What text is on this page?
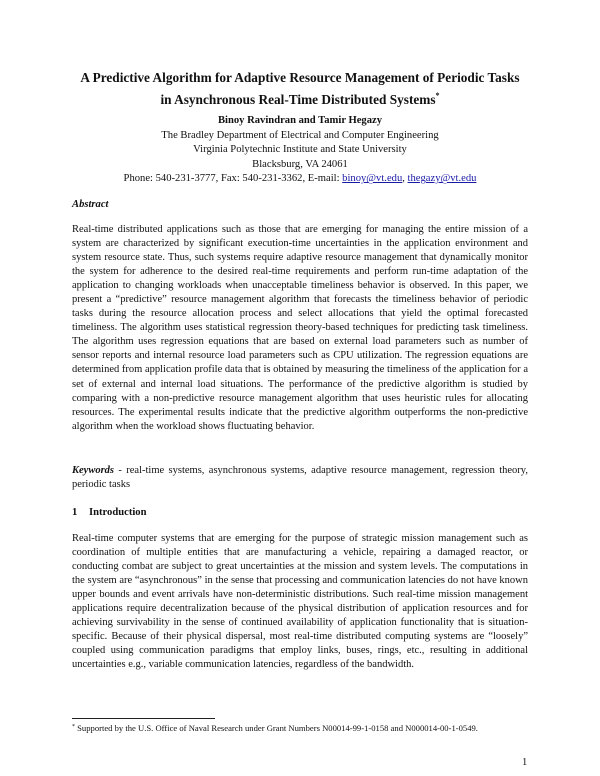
A Predictive Algorithm for Adaptive Resource Management of Periodic Tasks
in Asynchronous Real-Time Distributed Systems*
Binoy Ravindran and Tamir Hegazy
The Bradley Department of Electrical and Computer Engineering
Virginia Polytechnic Institute and State University
Blacksburg, VA 24061
Phone: 540-231-3777, Fax: 540-231-3362, E-mail: binoy@vt.edu, thegazy@vt.edu
Abstract

Real-time distributed applications such as those that are emerging for managing the entire mission of a system are characterized by significant execution-time uncertainties in the application environment and system resource state. Thus, such systems require adaptive resource management that dynamically monitor the system for adherence to the desired real-time requirements and perform run-time adaptation of the application to changing workloads when unacceptable timeliness behavior is observed. In this paper, we present a “predictive” resource management algorithm that forecasts the timeliness behavior of periodic tasks during the resource allocation process and select allocations that yield the optimal forecasted timeliness. The algorithm uses statistical regression theory-based techniques for predicting task timeliness. The algorithm uses regression equations that are based on external load parameters such as number of sensor reports and internal resource load parameters such as CPU utilization. The regression equations are determined from application profile data that is obtained by measuring the timeliness of the application for a set of external and internal load situations. The performance of the predictive algorithm is studied by comparing with a non-predictive resource management algorithm that uses heuristic rules for allocating resources. The experimental results indicate that the predictive algorithm outperforms the non-predictive algorithm when the workload shows fluctuating behavior.

Keywords - real-time systems, asynchronous systems, adaptive resource management, regression theory, periodic tasks

1 Introduction

Real-time computer systems that are emerging for the purpose of strategic mission management such as coordination of multiple entities that are manufacturing a vehicle, repairing a damaged reactor, or conducting combat are subject to great uncertainties at the mission and system levels. The computations in the system are “asynchronous” in the sense that processing and communication latencies do not have known upper bounds and event arrivals have non-deterministic distributions. Such real-time mission management applications require decentralization because of the physical distribution of application resources and for achieving survivability in the sense of continued availability of application functionality that is situation-specific. Because of their physical dispersal, most real-time distributed computing systems are “loosely” coupled using communication paradigms that employ links, buses, rings, etc., resulting in additional uncertainties e.g., variable communication latencies, regardless of the bandwidth.

* Supported by the U.S. Office of Naval Research under Grant Numbers N00014-99-1-0158 and N000014-00-1-0549.

1
